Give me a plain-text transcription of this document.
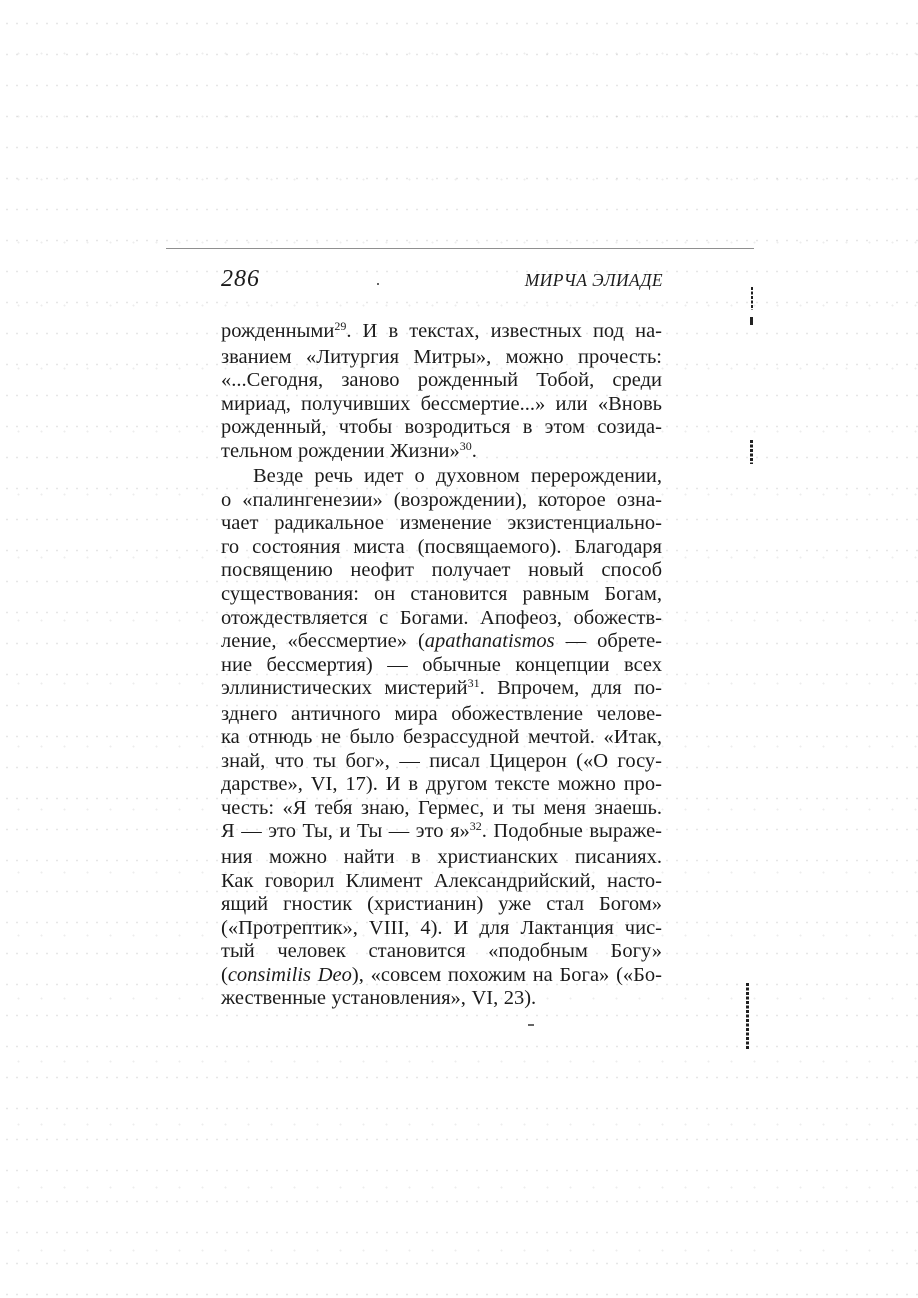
286	МИРЧА ЭЛИАДЕ
рожденными$^{29}$. И в текстах, известных под на-
званием «Литургия Митры», можно прочесть:
«...Сегодня, заново рожденный Тобой, среди
мириад, получивших бессмертие...» или «Вновь
рожденный, чтобы возродиться в этом созида-
тельном рождении Жизни»$^{30}$.
Везде речь идет о духовном перерождении,
о «палингенезии» (возрождении), которое озна-
чает радикальное изменение экзистенциально-
го состояния миста (посвящаемого). Благодаря
посвящению неофит получает новый способ
существования: он становится равным Богам,
отождествляется с Богами. Апофеоз, обожеств-
ление, «бессмертие» (apathanatismos — обрете-
ние бессмертия) — обычные концепции всех
эллинистических мистерий$^{31}$. Впрочем, для по-
зднего античного мира обожествление челове-
ка отнюдь не было безрассудной мечтой. «Итак,
знай, что ты бог», — писал Цицерон («О госу-
дарстве», VI, 17). И в другом тексте можно про-
честь: «Я тебя знаю, Гермес, и ты меня знаешь.
Я — это Ты, и Ты — это я»$^{32}$. Подобные выраже-
ния можно найти в христианских писаниях.
Как говорил Климент Александрийский, насто-
ящий гностик (христианин) уже стал Богом»
(«Протрептик», VIII, 4). И для Лактанция чис-
тый человек становится «подобным Богу»
(consimilis Deo), «совсем похожим на Бога» («Бо-
жественные установления», VI, 23).
